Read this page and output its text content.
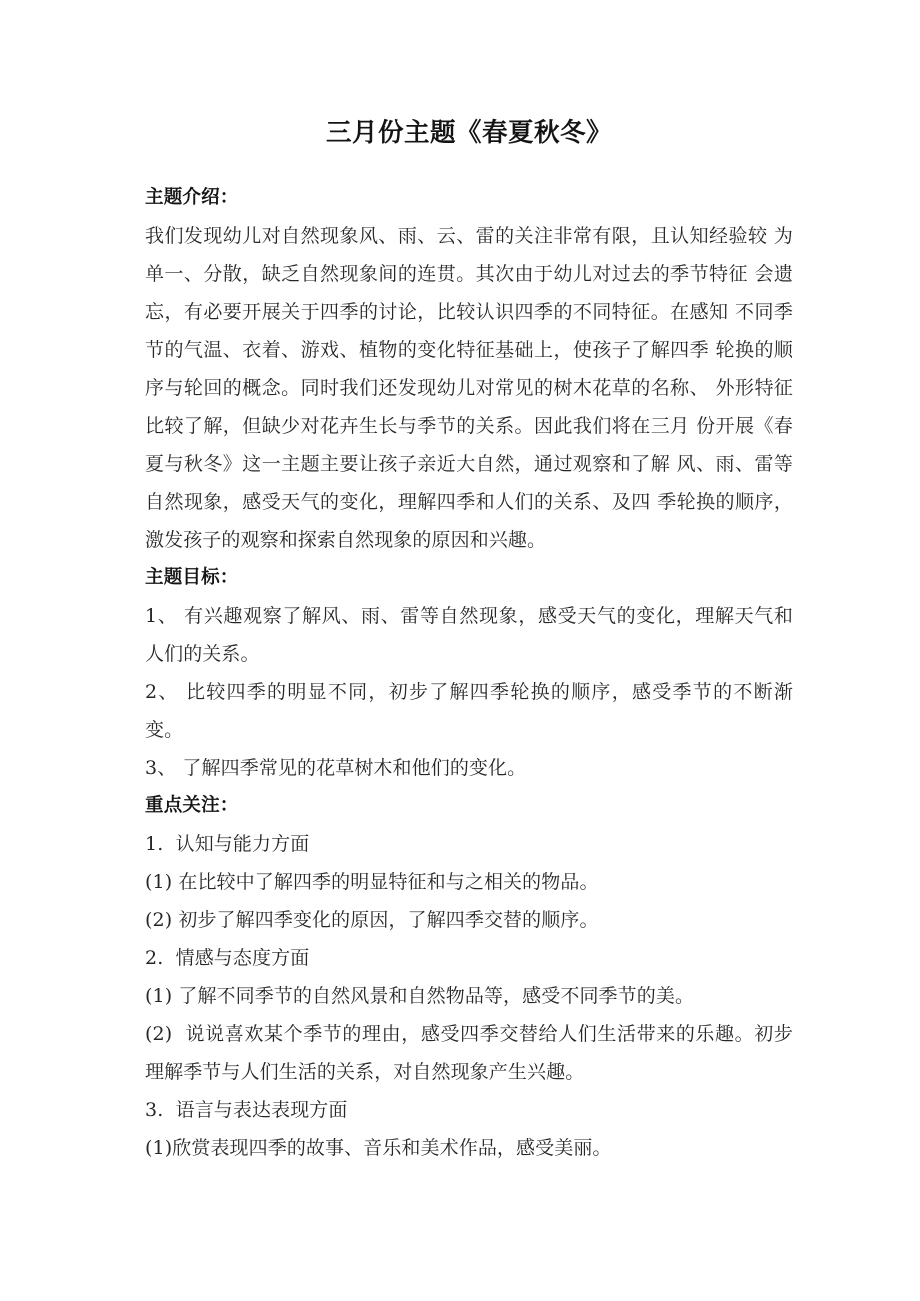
三月份主题《春夏秋冬》
主题介绍：

我们发现幼儿对自然现象风、雨、云、雷的关注非常有限，且认知经验较 为单一、分散，缺乏自然现象间的连贯。其次由于幼儿对过去的季节特征 会遗忘，有必要开展关于四季的讨论，比较认识四季的不同特征。在感知 不同季节的气温、衣着、游戏、植物的变化特征基础上，使孩子了解四季 轮换的顺序与轮回的概念。同时我们还发现幼儿对常见的树木花草的名称、 外形特征比较了解，但缺少对花卉生长与季节的关系。因此我们将在三月 份开展《春夏与秋冬》这一主题主要让孩子亲近大自然，通过观察和了解 风、雨、雷等自然现象，感受天气的变化，理解四季和人们的关系、及四 季轮换的顺序，激发孩子的观察和探索自然现象的原因和兴趣。

主题目标：

1、 有兴趣观察了解风、雨、雷等自然现象，感受天气的变化，理解天气和人们的关系。

2、 比较四季的明显不同，初步了解四季轮换的顺序，感受季节的不断渐变。

3、 了解四季常见的花草树木和他们的变化。

重点关注：

1.  认知与能力方面

(1) 在比较中了解四季的明显特征和与之相关的物品。

(2) 初步了解四季变化的原因，了解四季交替的顺序。

2.  情感与态度方面

(1) 了解不同季节的自然风景和自然物品等，感受不同季节的美。

(2)  说说喜欢某个季节的理由，感受四季交替给人们生活带来的乐趣。初步理解季节与人们生活的关系，对自然现象产生兴趣。

3.  语言与表达表现方面

(1)欣赏表现四季的故事、音乐和美术作品，感受美丽。
